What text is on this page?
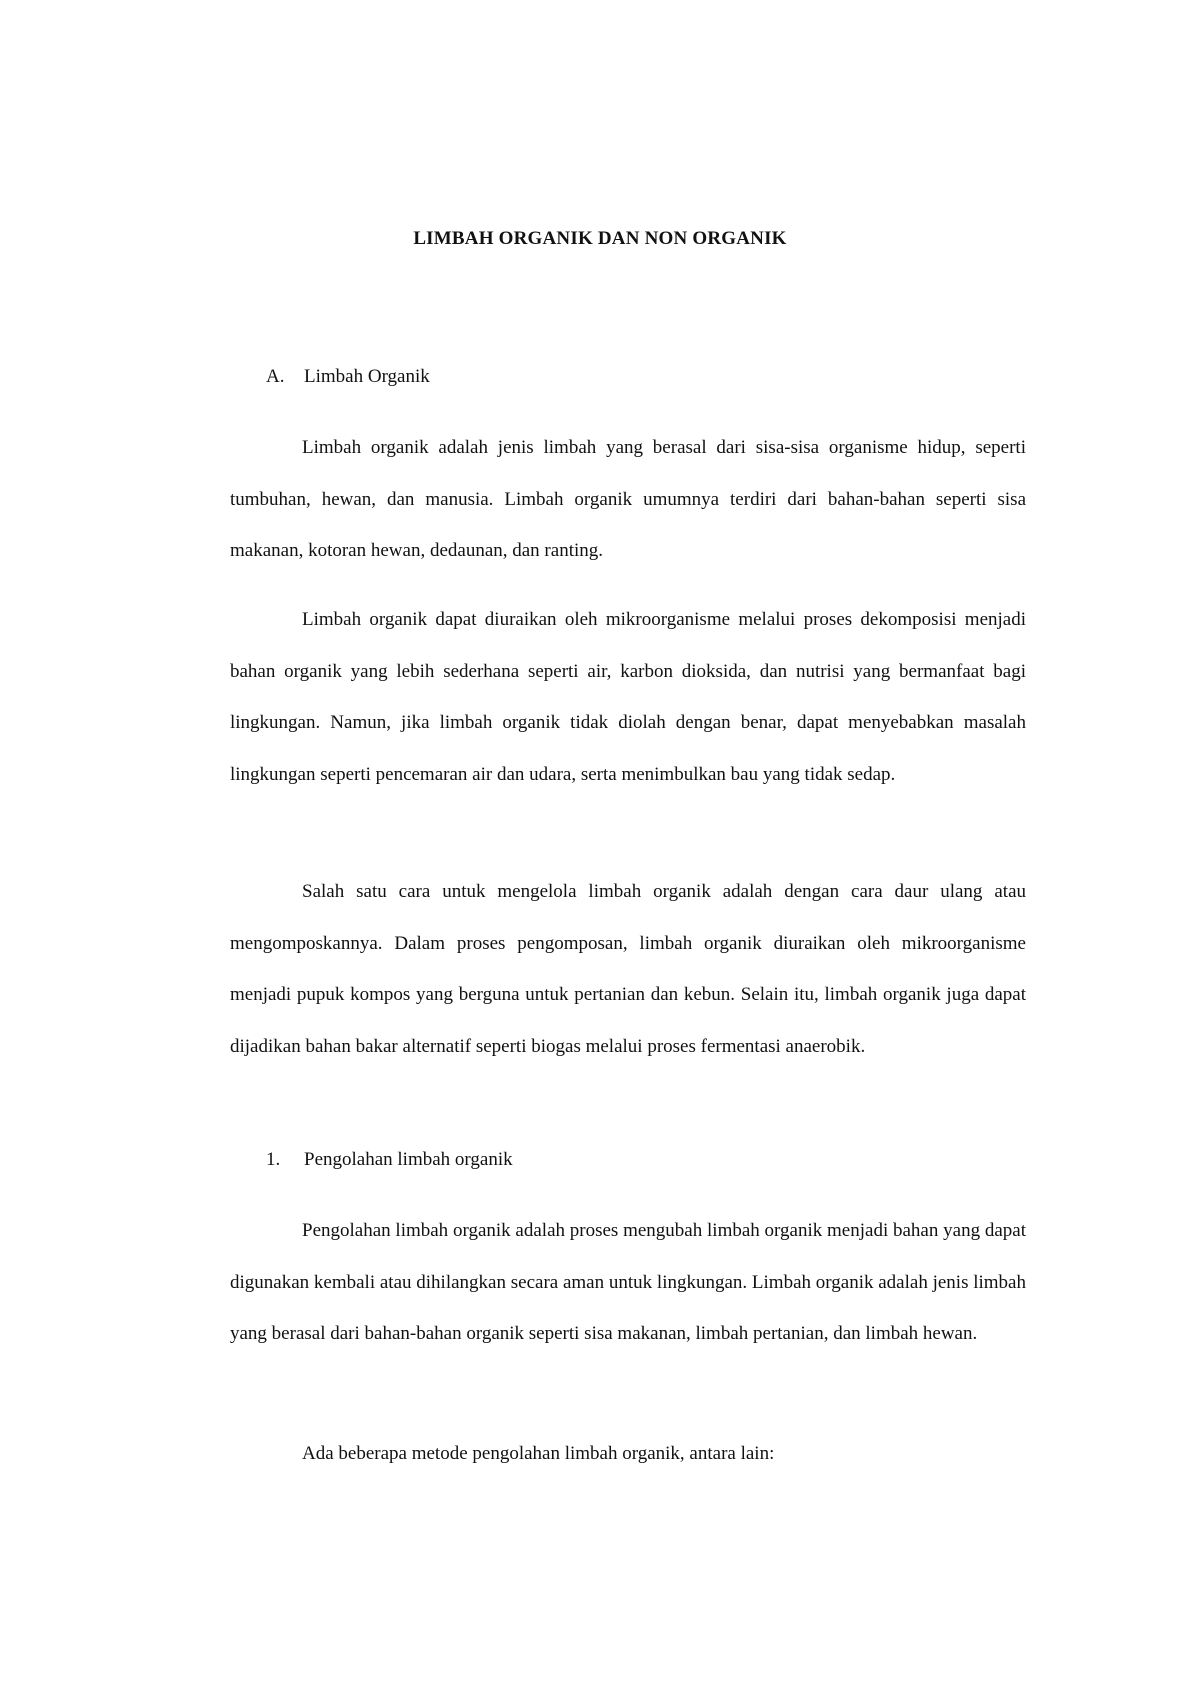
LIMBAH ORGANIK DAN NON ORGANIK
A. Limbah Organik

Limbah organik adalah jenis limbah yang berasal dari sisa-sisa organisme hidup, seperti tumbuhan, hewan, dan manusia. Limbah organik umumnya terdiri dari bahan-bahan seperti sisa makanan, kotoran hewan, dedaunan, dan ranting.

Limbah organik dapat diuraikan oleh mikroorganisme melalui proses dekomposisi menjadi bahan organik yang lebih sederhana seperti air, karbon dioksida, dan nutrisi yang bermanfaat bagi lingkungan. Namun, jika limbah organik tidak diolah dengan benar, dapat menyebabkan masalah lingkungan seperti pencemaran air dan udara, serta menimbulkan bau yang tidak sedap.

Salah satu cara untuk mengelola limbah organik adalah dengan cara daur ulang atau mengomposkannya. Dalam proses pengomposan, limbah organik diuraikan oleh mikroorganisme menjadi pupuk kompos yang berguna untuk pertanian dan kebun. Selain itu, limbah organik juga dapat dijadikan bahan bakar alternatif seperti biogas melalui proses fermentasi anaerobik.

1. Pengolahan limbah organik

Pengolahan limbah organik adalah proses mengubah limbah organik menjadi bahan yang dapat digunakan kembali atau dihilangkan secara aman untuk lingkungan. Limbah organik adalah jenis limbah yang berasal dari bahan-bahan organik seperti sisa makanan, limbah pertanian, dan limbah hewan.

Ada beberapa metode pengolahan limbah organik, antara lain:
